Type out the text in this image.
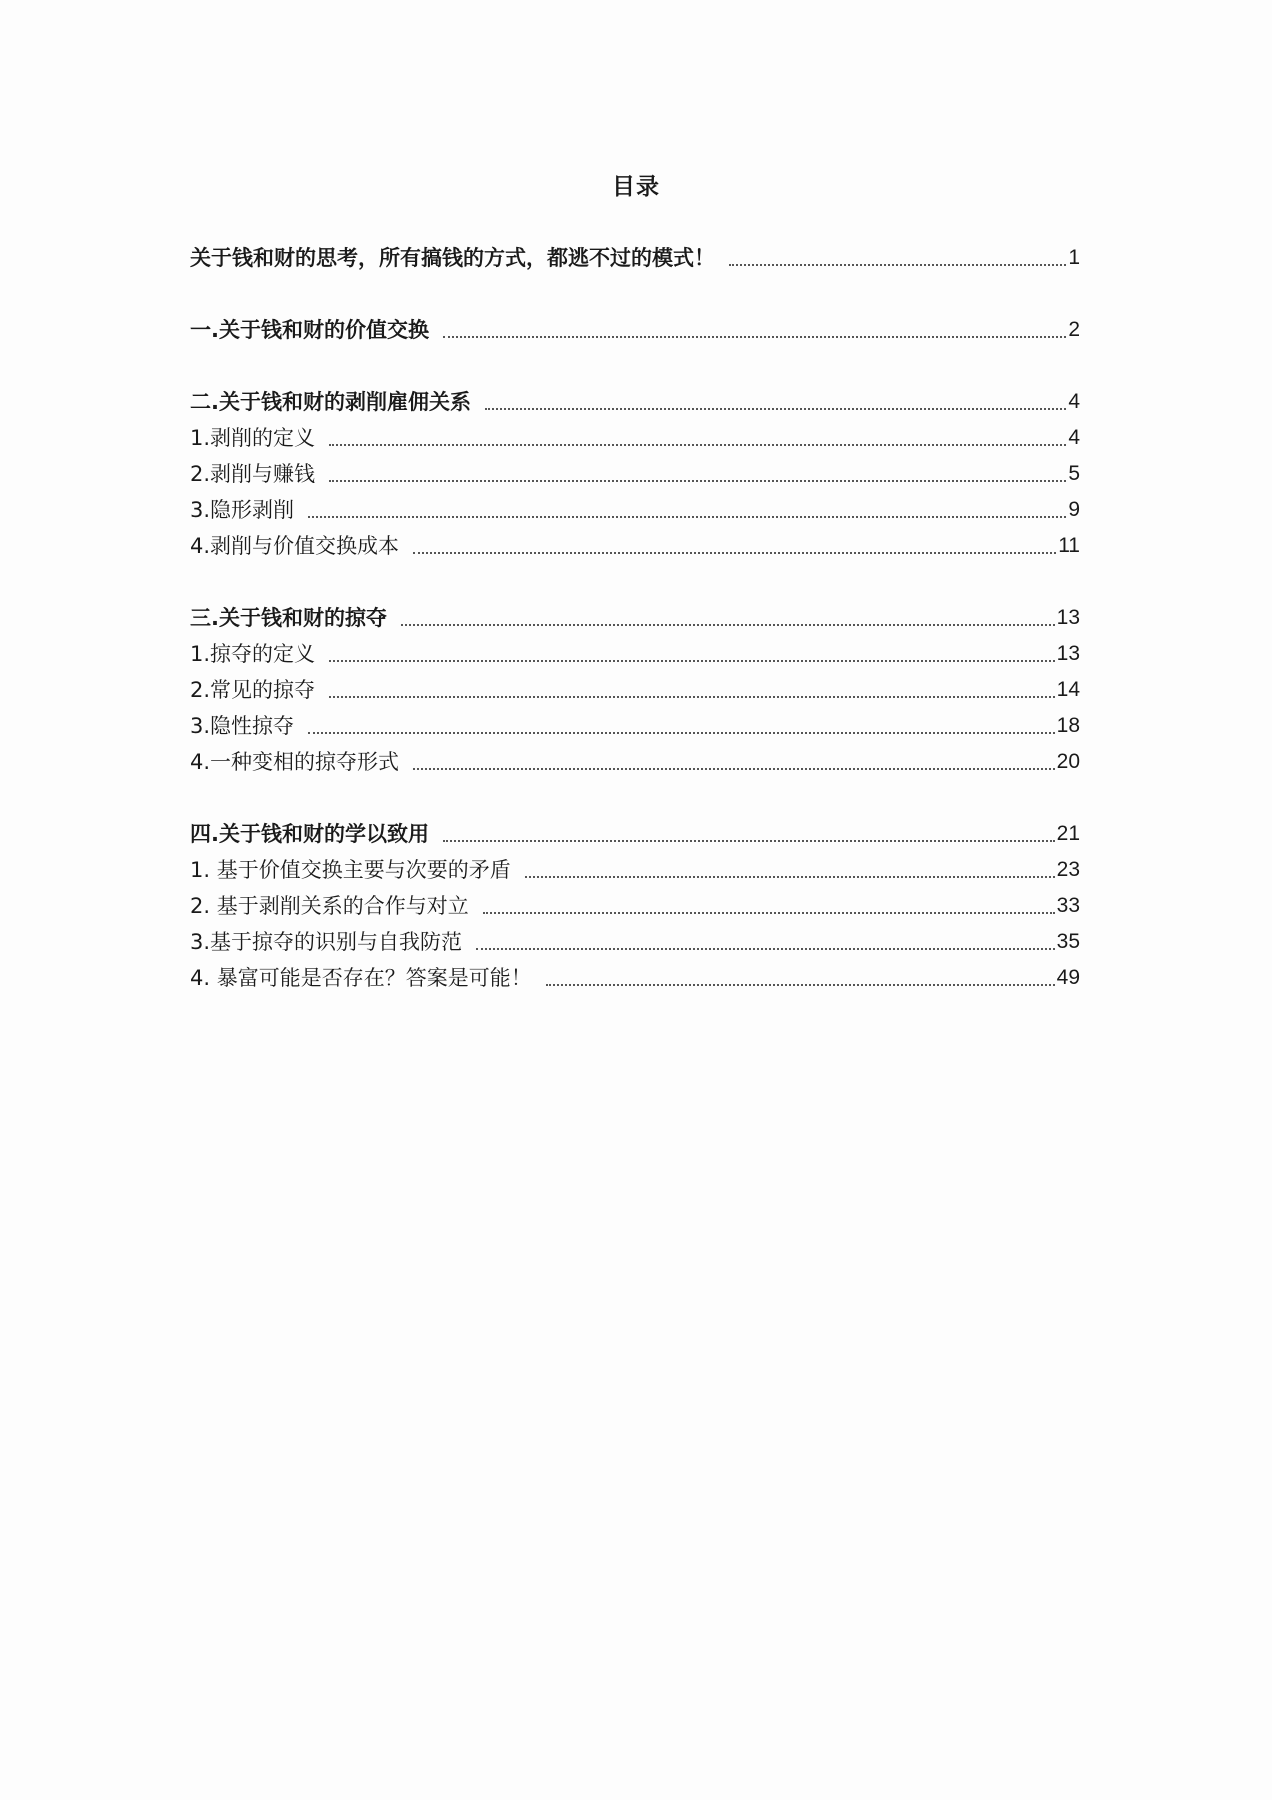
目录
关于钱和财的思考，所有搞钱的方式，都逃不过的模式！	1
一.关于钱和财的价值交换	2
二.关于钱和财的剥削雇佣关系	4
1.剥削的定义	4
2.剥削与赚钱	5
3.隐形剥削	9
4.剥削与价值交换成本	11
三.关于钱和财的掠夺	13
1.掠夺的定义	13
2.常见的掠夺	14
3.隐性掠夺	18
4.一种变相的掠夺形式	20
四.关于钱和财的学以致用	21
1. 基于价值交换主要与次要的矛盾	23
2. 基于剥削关系的合作与对立	33
3.基于掠夺的识别与自我防范	35
4. 暴富可能是否存在？答案是可能！	49
